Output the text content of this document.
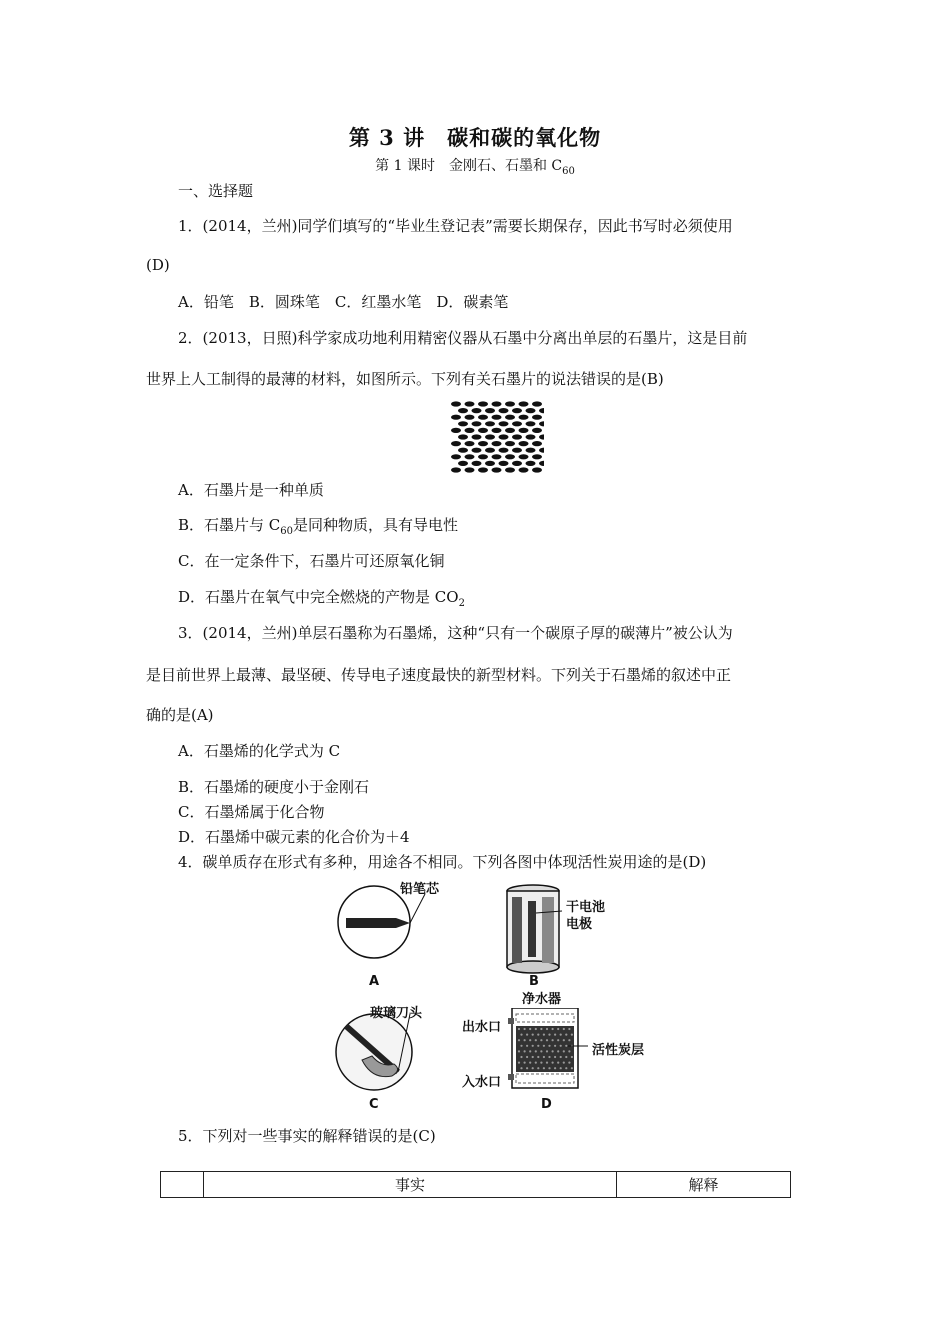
第 3 讲　碳和碳的氧化物
第 1 课时　金刚石、石墨和 $C_{60}$
一、选择题
1．(2014，兰州)同学们填写的“毕业生登记表”需要长期保存，因此书写时必须使用
(D)
A．铅笔　B．圆珠笔　C．红墨水笔　D．碳素笔
2．(2013，日照)科学家成功地利用精密仪器从石墨中分离出单层的石墨片，这是目前
世界上人工制得的最薄的材料，如图所示。下列有关石墨片的说法错误的是(B)
A．石墨片是一种单质
B．石墨片与 $C_{60}$是同种物质，具有导电性
C．在一定条件下，石墨片可还原氧化铜
D．石墨片在氧气中完全燃烧的产物是 $CO_2$
3．(2014，兰州)单层石墨称为石墨烯，这种“只有一个碳原子厚的碳薄片”被公认为
是目前世界上最薄、最坚硬、传导电子速度最快的新型材料。下列关于石墨烯的叙述中正
确的是(A)
A．石墨烯的化学式为 C
B．石墨烯的硬度小于金刚石
C．石墨烯属于化合物
D．石墨烯中碳元素的化合价为＋4
4．碳单质存在形式有多种，用途各不相同。下列各图中体现活性炭用途的是(D)
铅笔芯
A
干电池
电极
B
玻璃刀头
C
净水器
出水口
活性炭层
入水口
D
5．下列对一些事实的解释错误的是(C)
	事实	解释
